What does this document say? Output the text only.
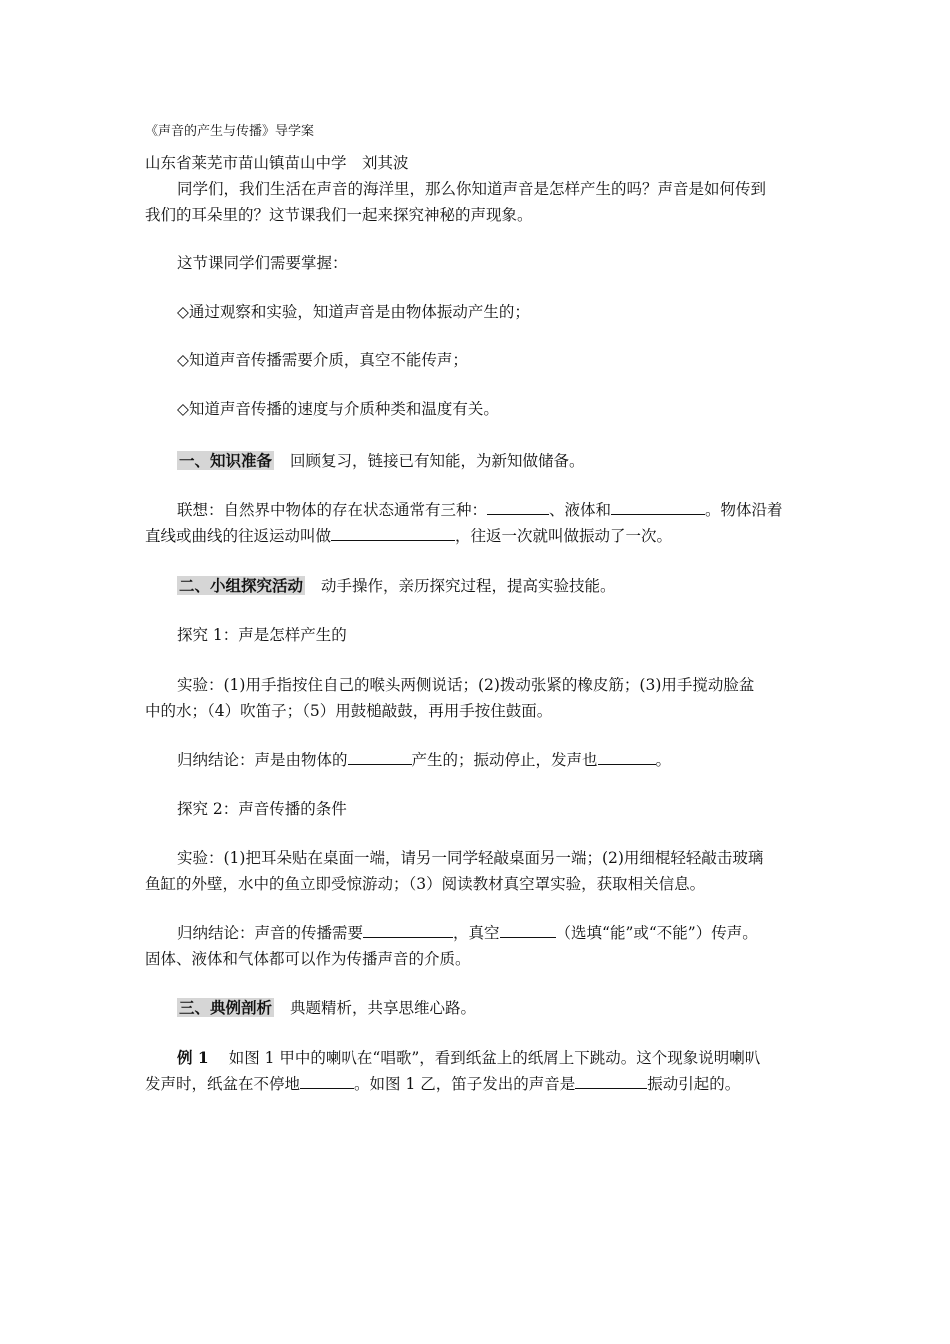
《声音的产生与传播》导学案
山东省莱芜市苗山镇苗山中学　刘其波
同学们，我们生活在声音的海洋里，那么你知道声音是怎样产生的吗？声音是如何传到
我们的耳朵里的？这节课我们一起来探究神秘的声现象。
这节课同学们需要掌握：
◇通过观察和实验，知道声音是由物体振动产生的；
◇知道声音传播需要介质，真空不能传声；
◇知道声音传播的速度与介质种类和温度有关。
一、知识准备 回顾复习，链接已有知能，为新知做储备。
联想：自然界中物体的存在状态通常有三种：	、液体和	。物体沿着
直线或曲线的往返运动叫做	，往返一次就叫做振动了一次。
二、小组探究活动 动手操作，亲历探究过程，提高实验技能。
探究 1：声是怎样产生的
实验：(1)用手指按住自己的喉头两侧说话；(2)拨动张紧的橡皮筋；(3)用手搅动脸盆
中的水；（4）吹笛子；（5）用鼓槌敲鼓，再用手按住鼓面。
归纳结论：声是由物体的	产生的；振动停止，发声也	。
探究 2：声音传播的条件
实验：(1)把耳朵贴在桌面一端，请另一同学轻敲桌面另一端；(2)用细棍轻轻敲击玻璃
鱼缸的外壁，水中的鱼立即受惊游动；（3）阅读教材真空罩实验，获取相关信息。
归纳结论：声音的传播需要	，真空	（选填“能”或“不能”）传声。
固体、液体和气体都可以作为传播声音的介质。
三、典例剖析 典题精析，共享思维心路。
例 1 如图 1 甲中的喇叭在“唱歌”，看到纸盆上的纸屑上下跳动。这个现象说明喇叭
发声时，纸盆在不停地	。如图 1 乙，笛子发出的声音是	振动引起的。
